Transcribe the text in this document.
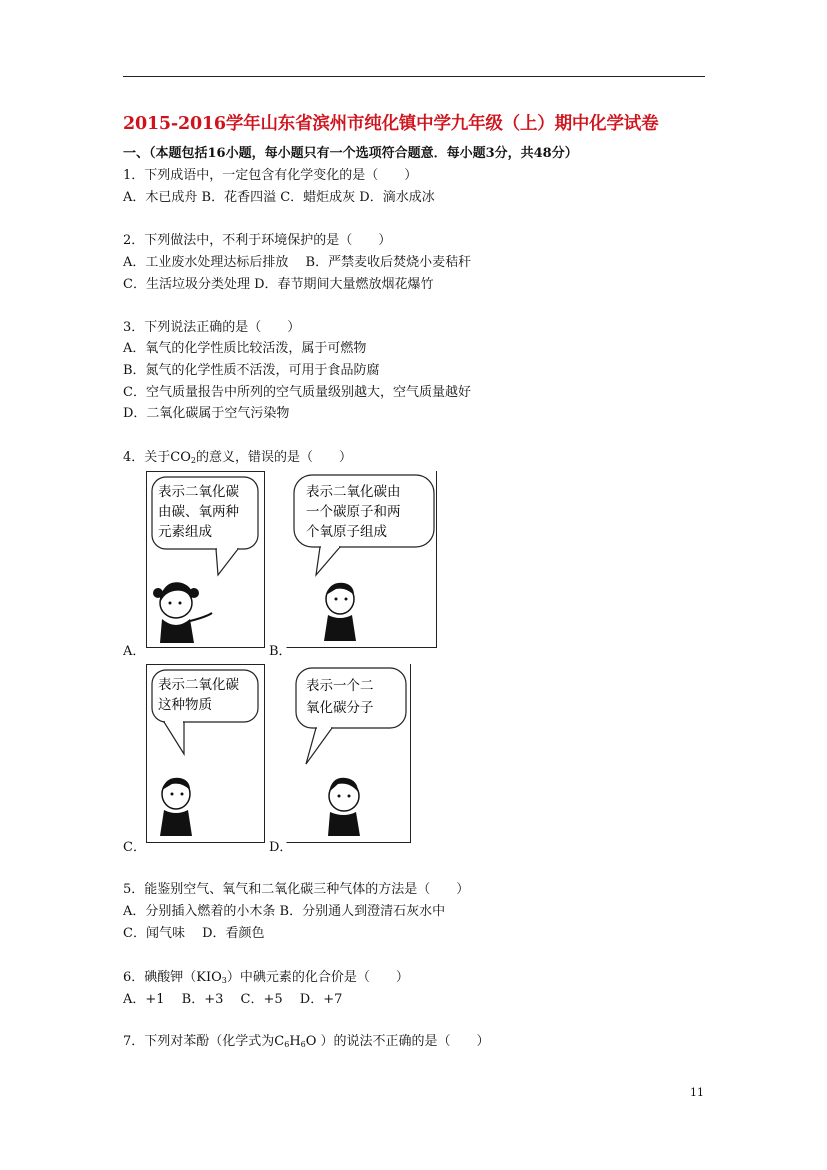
2015-2016学年山东省滨州市纯化镇中学九年级（上）期中化学试卷
一、（本题包括16小题，每小题只有一个选项符合题意．每小题3分，共48分）
1．下列成语中，一定包含有化学变化的是（　　）
A．木已成舟 B．花香四溢 C．蜡炬成灰 D．滴水成冰
2．下列做法中，不利于环境保护的是（　　）
A．工业废水处理达标后排放　 B．严禁麦收后焚烧小麦秸秆
C．生活垃圾分类处理 D．春节期间大量燃放烟花爆竹
3．下列说法正确的是（　　）
A．氧气的化学性质比较活泼，属于可燃物
B．氮气的化学性质不活泼，可用于食品防腐
C．空气质量报告中所列的空气质量级别越大，空气质量越好
D．二氧化碳属于空气污染物
4．关于$CO_2$的意义，错误的是（　　）
表示二氧化碳
由碳、氧两种
元素组成
A．
表示二氧化碳由
一个碳原子和两
个氧原子组成
B．
表示二氧化碳
这种物质
C．
表示一个二
氧化碳分子
D．
5．能鉴别空气、氧气和二氧化碳三种气体的方法是（　　）
A．分别插入燃着的小木条 B．分别通人到澄清石灰水中
C．闻气味　 D．看颜色
6．碘酸钾$(KIO_3)$中碘元素的化合价是（　　）
A．+1　 B．+3　 C．+5　 D．+7
7．下列对苯酚（化学式为$C_6H_6O$ ）的说法不正确的是（　　）
11
